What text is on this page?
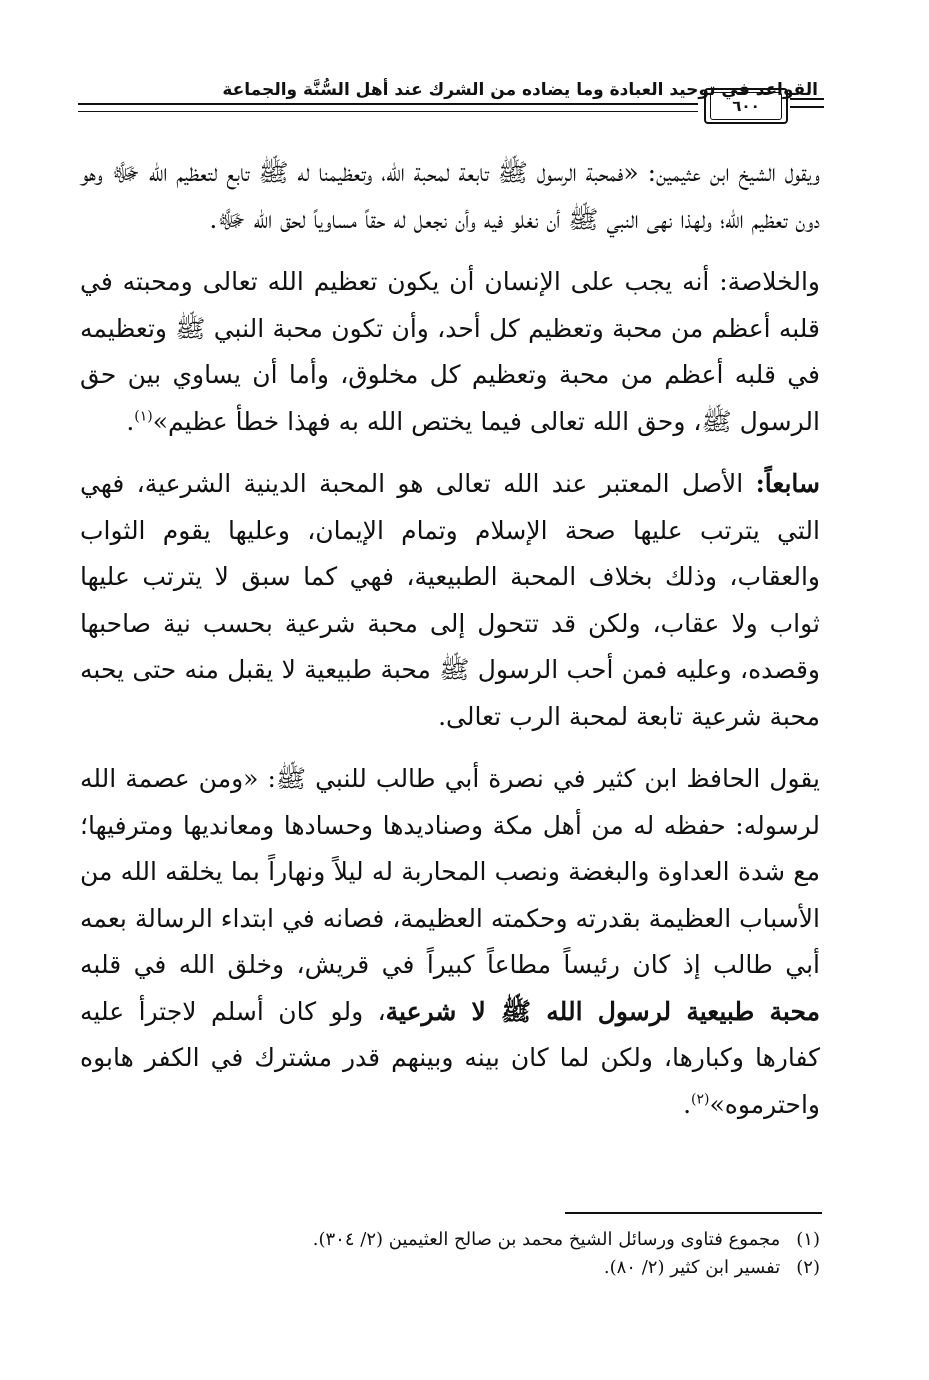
القواعد في توحيد العبادة وما يضاده من الشرك عند أهل السُّنَّة والجماعة
٦٠٠

ويقول الشيخ ابن عثيمين: «فمحبة الرسول ﷺ تابعة لمحبة الله، وتعظيمنا له ﷺ تابع لتعظيم الله ﷻ وهو دون تعظيم الله؛ ولهذا نهى النبي ﷺ أن نغلو فيه وأن نجعل له حقاً مساوياً لحق الله ﷻ.

والخلاصة: أنه يجب على الإنسان أن يكون تعظيم الله تعالى ومحبته في قلبه أعظم من محبة وتعظيم كل أحد، وأن تكون محبة النبي ﷺ وتعظيمه في قلبه أعظم من محبة وتعظيم كل مخلوق، وأما أن يساوي بين حق الرسول ﷺ، وحق الله تعالى فيما يختص الله به فهذا خطأ عظيم»$^{(١)}$.

سابعاً: الأصل المعتبر عند الله تعالى هو المحبة الدينية الشرعية، فهي التي يترتب عليها صحة الإسلام وتمام الإيمان، وعليها يقوم الثواب والعقاب، وذلك بخلاف المحبة الطبيعية، فهي كما سبق لا يترتب عليها ثواب ولا عقاب، ولكن قد تتحول إلى محبة شرعية بحسب نية صاحبها وقصده، وعليه فمن أحب الرسول ﷺ محبة طبيعية لا يقبل منه حتى يحبه محبة شرعية تابعة لمحبة الرب تعالى.

يقول الحافظ ابن كثير في نصرة أبي طالب للنبي ﷺ: «ومن عصمة الله لرسوله: حفظه له من أهل مكة وصناديدها وحسادها ومعانديها ومترفيها؛ مع شدة العداوة والبغضة ونصب المحاربة له ليلاً ونهاراً بما يخلقه الله من الأسباب العظيمة بقدرته وحكمته العظيمة، فصانه في ابتداء الرسالة بعمه أبي طالب إذ كان رئيساً مطاعاً كبيراً في قريش، وخلق الله في قلبه محبة طبيعية لرسول الله ﷺ لا شرعية، ولو كان أسلم لاجترأ عليه كفارها وكبارها، ولكن لما كان بينه وبينهم قدر مشترك في الكفر هابوه واحترموه»$^{(٢)}$.

(١) مجموع فتاوى ورسائل الشيخ محمد بن صالح العثيمين (٢/ ٣٠٤).
(٢) تفسير ابن كثير (٢/ ٨٠).
